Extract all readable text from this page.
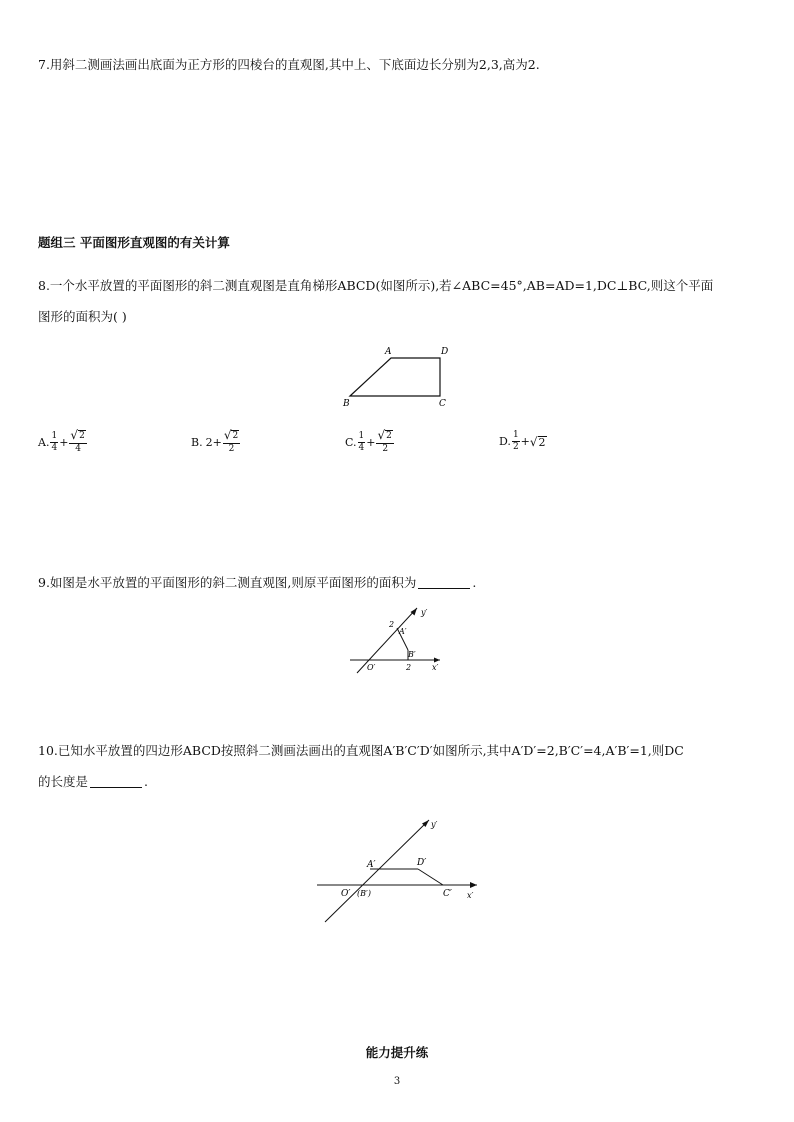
7.用斜二测画法画出底面为正方形的四棱台的直观图,其中上、下底面边长分别为2,3,高为2.
题组三 平面图形直观图的有关计算
8.一个水平放置的平面图形的斜二测直观图是直角梯形ABCD(如图所示),若∠ABC=45°,AB=AD=1,DC⊥BC,则这个平面
图形的面积为( )
A	D
B	C
A. $\frac{1}{4} + \frac{√ 2}{4}$	B. $2+ \frac{√ 2}{2}$	C. $\frac{1}{4} + \frac{√ 2}{2}$	D. $\frac{1}{2}$ + √ 2
9.如图是水平放置的平面图形的斜二测直观图,则原平面图形的面积为	.
y′
2
A′
B′
O′	2	x′
10.已知水平放置的四边形ABCD按照斜二测画法画出的直观图A′B′C′D′如图所示,其中A′D′=2,B′C′=4,A′B′=1,则DC
的长度是	.
y′
A′	D′
O′ (B′)	C′ x′
能力提升练
3
